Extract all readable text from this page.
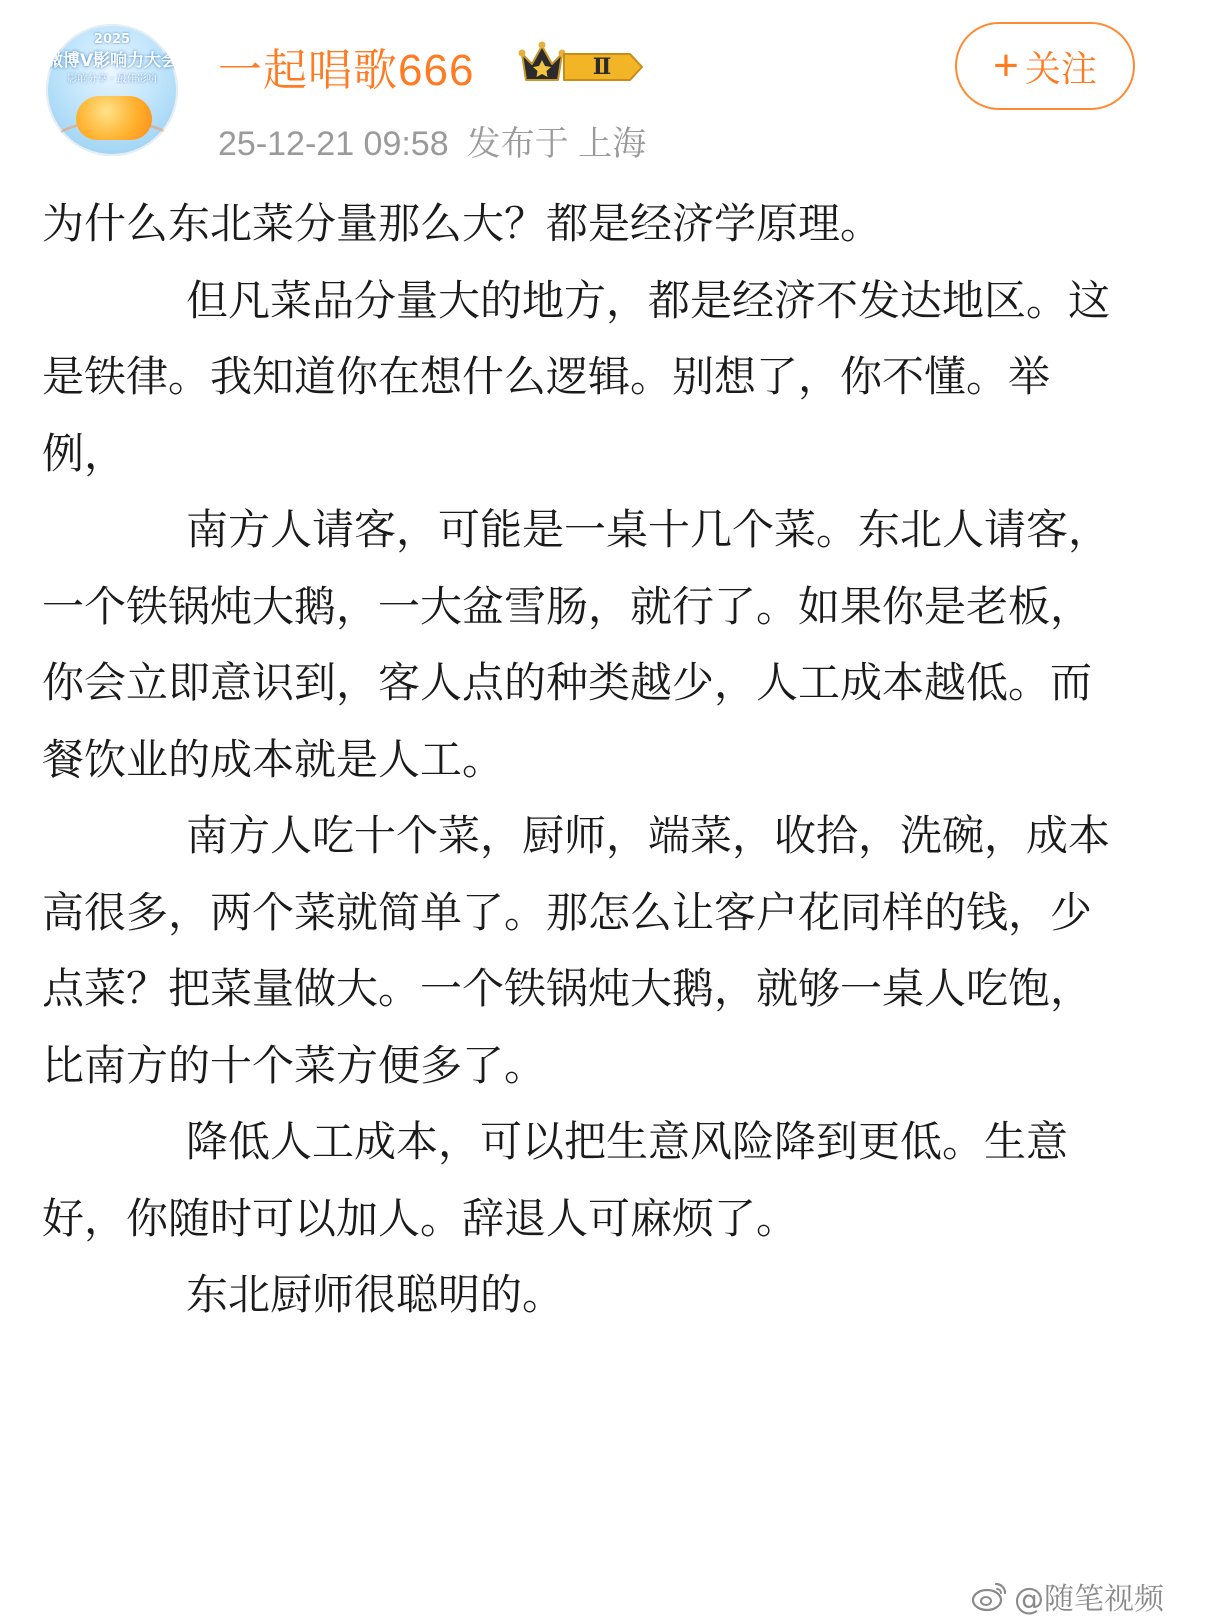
2025
微博V影响力大会
影响分享 · 最佳影响	一起唱歌666	Ⅱ
25-12-21 09:58 发布于 上海
+ 关注

为什么东北菜分量那么大？都是经济学原理。

但凡菜品分量大的地方，都是经济不发达地区。这是铁律。我知道你在想什么逻辑。别想了，你不懂。举例，

南方人请客，可能是一桌十几个菜。东北人请客，一个铁锅炖大鹅，一大盆雪肠，就行了。如果你是老板，你会立即意识到，客人点的种类越少，人工成本越低。而餐饮业的成本就是人工。

南方人吃十个菜，厨师，端菜，收拾，洗碗，成本高很多，两个菜就简单了。那怎么让客户花同样的钱，少点菜？把菜量做大。一个铁锅炖大鹅，就够一桌人吃饱，比南方的十个菜方便多了。

降低人工成本，可以把生意风险降到更低。生意好，你随时可以加人。辞退人可麻烦了。

东北厨师很聪明的。

@随笔视频
